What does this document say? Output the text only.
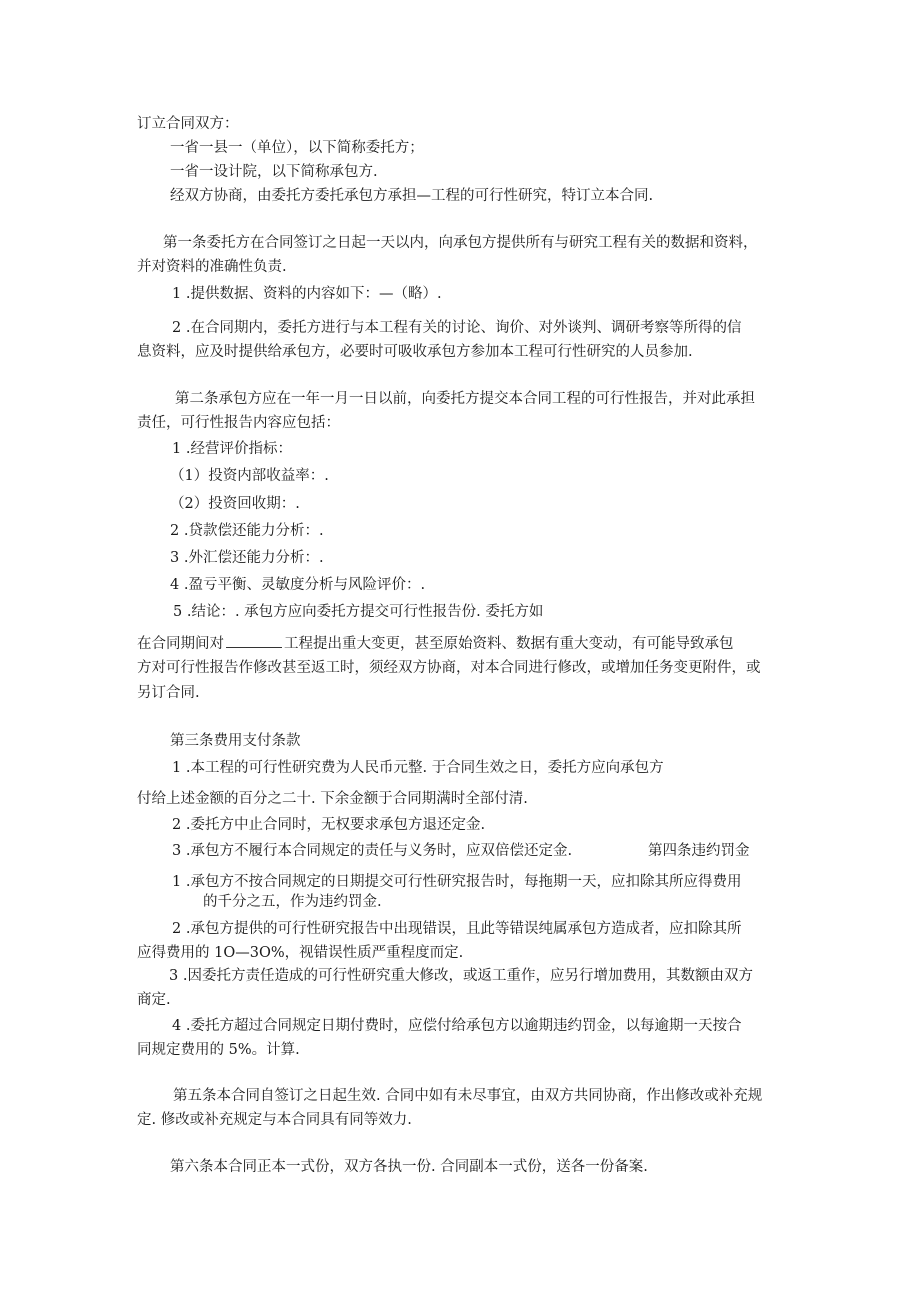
订立合同双方：
一省一县一（单位），以下简称委托方；
一省一设计院，以下简称承包方.
经双方协商，由委托方委托承包方承担—工程的可行性研究，特订立本合同.
第一条委托方在合同签订之日起一天以内，向承包方提供所有与研究工程有关的数据和资料，
并对资料的准确性负责.
1 .提供数据、资料的内容如下：—（略）.
2 .在合同期内，委托方进行与本工程有关的讨论、询价、对外谈判、调研考察等所得的信
息资料，应及时提供给承包方，必要时可吸收承包方参加本工程可行性研究的人员参加.
第二条承包方应在一年一月一日以前，向委托方提交本合同工程的可行性报告，并对此承担
责任，可行性报告内容应包括：
1 .经营评价指标：
（1）投资内部收益率：.
（2）投资回收期：.
2 .贷款偿还能力分析：.
3 .外汇偿还能力分析：.
4 .盈亏平衡、灵敏度分析与风险评价：.
5 .结论：. 承包方应向委托方提交可行性报告份. 委托方如
在合同期间对	工程提出重大变更，甚至原始资料、数据有重大变动，有可能导致承包
方对可行性报告作修改甚至返工时，须经双方协商，对本合同进行修改，或增加任务变更附件，或
另订合同.
第三条费用支付条款
1 .本工程的可行性研究费为人民币元整. 于合同生效之日，委托方应向承包方
付给上述金额的百分之二十. 下余金额于合同期满时全部付清.
2 .委托方中止合同时，无权要求承包方退还定金.
3 .承包方不履行本合同规定的责任与义务时，应双倍偿还定金.	第四条违约罚金
1 .承包方不按合同规定的日期提交可行性研究报告时，每拖期一天，应扣除其所应得费用
的千分之五，作为违约罚金.
2 .承包方提供的可行性研究报告中出现错误，且此等错误纯属承包方造成者，应扣除其所
应得费用的 1O—3O%，视错误性质严重程度而定.
3 .因委托方责任造成的可行性研究重大修改，或返工重作，应另行增加费用，其数额由双方
商定.
4 .委托方超过合同规定日期付费时，应偿付给承包方以逾期违约罚金，以每逾期一天按合
同规定费用的 5%。计算.
第五条本合同自签订之日起生效. 合同中如有未尽事宜，由双方共同协商，作出修改或补充规
定. 修改或补充规定与本合同具有同等效力.
第六条本合同正本一式份，双方各执一份. 合同副本一式份，送各一份备案.
